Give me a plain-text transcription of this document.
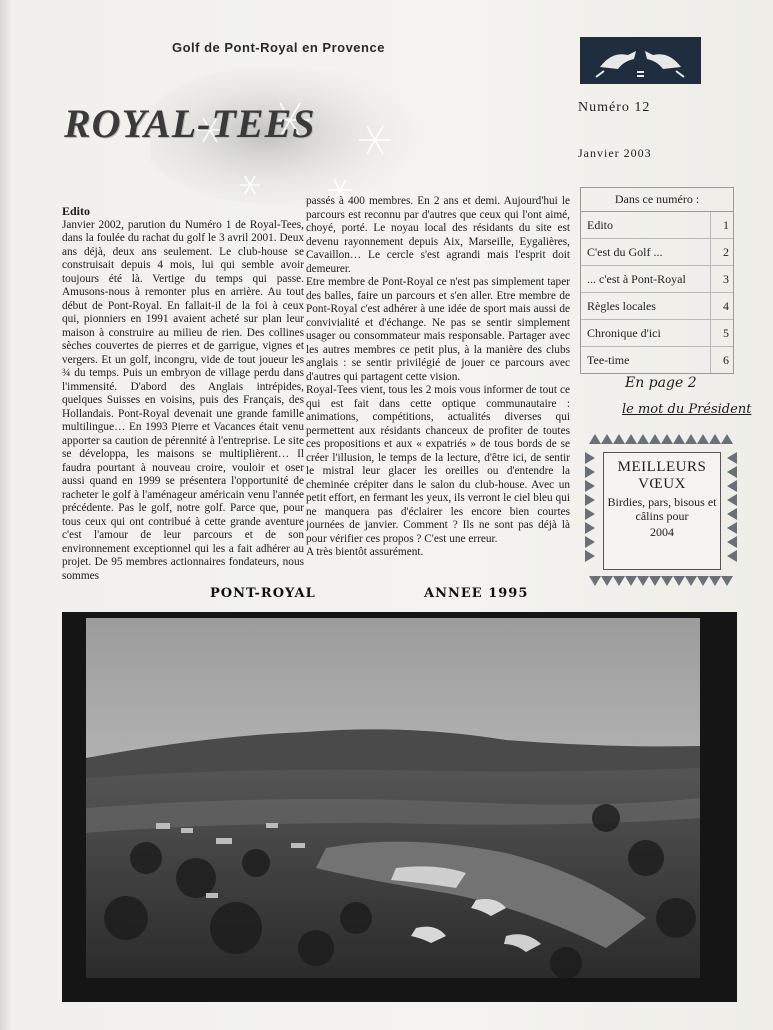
Golf de Pont-Royal en Provence
ROYAL-TEES	Numéro 12
Janvier 2003

Edito

Janvier 2002, parution du Numéro 1 de Royal-Tees, dans la foulée du rachat du golf le 3 avril 2001. Deux ans déjà, deux ans seulement. Le club-house se construisait depuis 4 mois, lui qui semble avoir toujours été là. Vertige du temps qui passe. Amusons-nous à remonter plus en arrière. Au tout début de Pont-Royal. En fallait-il de la foi à ceux qui, pionniers en 1991 avaient acheté sur plan leur maison à construire au milieu de rien. Des collines sèches couvertes de pierres et de garrigue, vignes et vergers. Et un golf, incongru, vide de tout joueur les ¾ du temps. Puis un embryon de village perdu dans l'immensité. D'abord des Anglais intrépides, quelques Suisses en voisins, puis des Français, des Hollandais. Pont-Royal devenait une grande famille multilingue… En 1993 Pierre et Vacances était venu apporter sa caution de pérennité à l'entreprise. Le site se développa, les maisons se multiplièrent… Il faudra pourtant à nouveau croire, vouloir et oser aussi quand en 1999 se présentera l'opportunité de racheter le golf à l'aménageur américain venu l'année précédente. Pas le golf, notre golf. Parce que, pour tous ceux qui ont contribué à cette grande aventure c'est l'amour de leur parcours et de son environnement exceptionnel qui les a fait adhérer au projet. De 95 membres actionnaires fondateurs, nous sommes

passés à 400 membres. En 2 ans et demi. Aujourd'hui le parcours est reconnu par d'autres que ceux qui l'ont aimé, choyé, porté. Le noyau local des résidants du site est devenu rayonnement depuis Aix, Marseille, Eygalières, Cavaillon… Le cercle s'est agrandi mais l'esprit doit demeurer.

Etre membre de Pont-Royal ce n'est pas simplement taper des balles, faire un parcours et s'en aller. Etre membre de Pont-Royal c'est adhérer à une idée de sport mais aussi de convivialité et d'échange. Ne pas se sentir simplement usager ou consommateur mais responsable. Partager avec les autres membres ce petit plus, à la manière des clubs anglais : se sentir privilégié de jouer ce parcours avec d'autres qui partagent cette vision.

Royal-Tees vient, tous les 2 mois vous informer de tout ce qui est fait dans cette optique communautaire : animations, compétitions, actualités diverses qui permettent aux résidants chanceux de profiter de toutes ces propositions et aux « expatriés » de tous bords de se créer l'illusion, le temps de la lecture, d'être ici, de sentir le mistral leur glacer les oreilles ou d'entendre la cheminée crépiter dans le salon du club-house. Avec un petit effort, en fermant les yeux, ils verront le ciel bleu qui ne manquera pas d'éclairer les encore bien courtes journées de janvier. Comment ? Ils ne sont pas déjà là pour vérifier ces propos ? C'est une erreur.

A très bientôt assurément.

Dans ce numéro :
Edito	1
C'est du Golf ...	2
... c'est à Pont-Royal	3
Règles locales	4
Chronique d'ici	5
Tee-time	6
En page 2
le mot du Président
MEILLEURS
VŒUX
Birdies, pars, bisous et câlins pour
2004
PONT-ROYAL	ANNEE 1995
